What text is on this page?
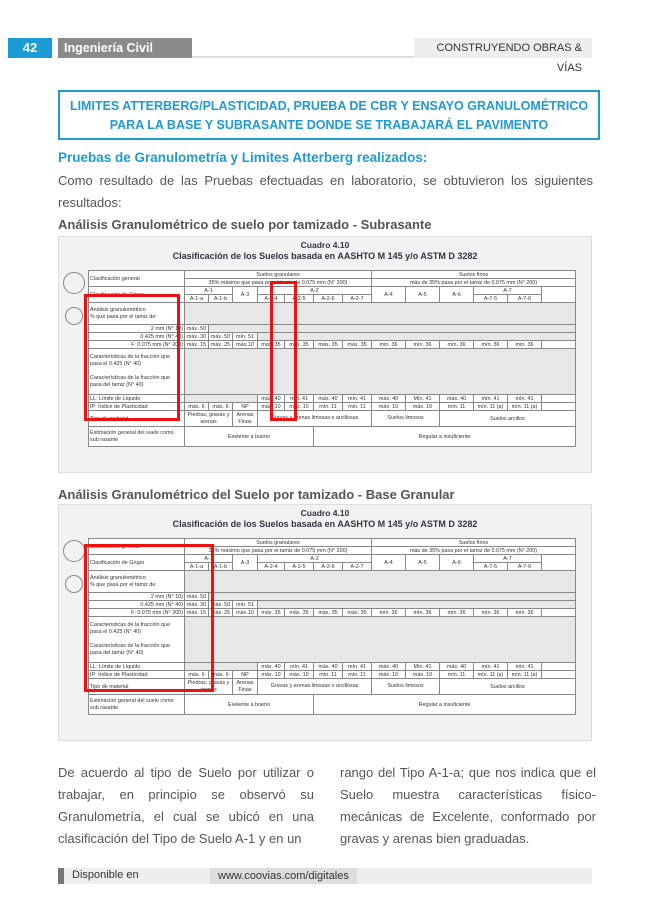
42	Ingeniería Civil	CONSTRUYENDO OBRAS & VÍAS
LIMITES ATTERBERG/PLASTICIDAD, PRUEBA DE CBR Y ENSAYO GRANULOMÉTRICO
PARA LA BASE Y SUBRASANTE DONDE SE TRABAJARÁ EL PAVIMENTO
Pruebas de Granulometría y Limites Atterberg realizados:
Como resultado de las Pruebas efectuadas en laboratorio, se obtuvieron los siguientes resultados:
Análisis Granulométrico de suelo por tamizado - Subrasante
Cuadro 4.10
Clasificación de los Suelos basada en AASHTO M 145 y/o ASTM D 3282
Clasificación general	Suelos granulares							Suelos finos					
	35% máximo que pasa por el tamiz de 0.075 mm (N° 200)							más de 35% pasa por el tamiz de 0.075 mm (N° 200)					
Clasificación de Grupo	A-1		A-3	A-2				A-4	A-5	A-6	A-7		
	A-1-a	A-1-b		A-2-4	A-2-5	A-2-6	A-2-7				A-7-5	A-7-6	
Análisis granulométrico
% que pasa por el tamiz de:													
2 mm (N° 10)	máx. 50												
0.425 mm (N° 40)	máx. 30	máx. 50	mín. 51										
F: 0.075 mm (N° 200)	máx. 15	máx. 25	máx.10	máx. 35	máx. 35	máx. 35	máx. 35	mín. 36	mín. 36	mín. 36	mín. 36	mín. 36	
Características de la fracción que pasa el 0.425 (N° 40)

Características de la fracción que pasa del tamiz (N° 40)													
LL: Límite de Líquido				máx. 40	mín. 41	máx. 40	mín. 41	máx. 40	Mín. 41	máx. 40	mín. 41	mín. 41	
IP: Índice de Plasticidad	máx. 6	máx. 6	NP	máx. 10	máx. 10	mín. 11	mín. 11	máx. 10	máx. 10	mín. 11	mín. 11 (a)	mín. 11 (a)	
Tipo de material	Piedras, gravas y arenas		Arenas Finas	Gravas y arenas limosas o arcillosas				Suelos limosos		Suelos arcillos			
Estimación general del suelo como sub rasante	Exelente a bueno					Regular a insuficiente							
Análisis Granulométrico del Suelo por tamizado - Base Granular
Cuadro 4.10
Clasificación de los Suelos basada en AASHTO M 145 y/o ASTM D 3282
Clasificación general	Suelos granulares							Suelos finos					
	35% máximo que pasa por el tamiz de 0.075 mm (N° 200)							más de 35% pasa por el tamiz de 0.075 mm (N° 200)					
Clasificación de Grupo	A-1		A-3	A-2				A-4	A-5	A-6	A-7		
	A-1-a	A-1-b		A-2-4	A-2-5	A-2-6	A-2-7				A-7-5	A-7-6	
Análisis granulométrico
% que pasa por el tamiz de:													
2 mm (N° 10)	máx. 50												
0.425 mm (N° 40)	máx. 30	máx. 50	mín. 51										
F: 0.075 mm (N° 200)	máx. 15	máx. 25	máx.10	máx. 35	máx. 35	máx. 35	máx. 35	mín. 36	mín. 36	mín. 36	mín. 36	mín. 36	
Características de la fracción que pasa el 0.425 (N° 40)

Características de la fracción que pasa del tamiz (N° 40)													
LL: Límite de Líquido				máx. 40	mín. 41	máx. 40	mín. 41	máx. 40	Mín. 41	máx. 40	mín. 41	mín. 41	
IP: Índice de Plasticidad	máx. 6	máx. 6	NP	máx. 10	máx. 10	mín. 11	mín. 11	máx. 10	máx. 10	mín. 11	mín. 11 (a)	mín. 11 (a)	
Tipo de material	Piedras, gravas y arenas		Arenas Finas	Gravas y arenas limosas o arcillosas				Suelos limosos		Suelos arcillos			
Estimación general del suelo como sub rasante	Exelente a bueno					Regular a insuficiente							
De acuerdo al tipo de Suelo por utilizar o trabajar, en principio se observó su Granulometría, el cual se ubicó en una clasificación del Tipo de Suelo A-1 y en un
rango del Tipo A-1-a; que nos indica que el Suelo muestra características físico-mecánicas de Excelente, conformado por gravas y arenas bien graduadas.
Disponible en	www.coovias.com/digitales
